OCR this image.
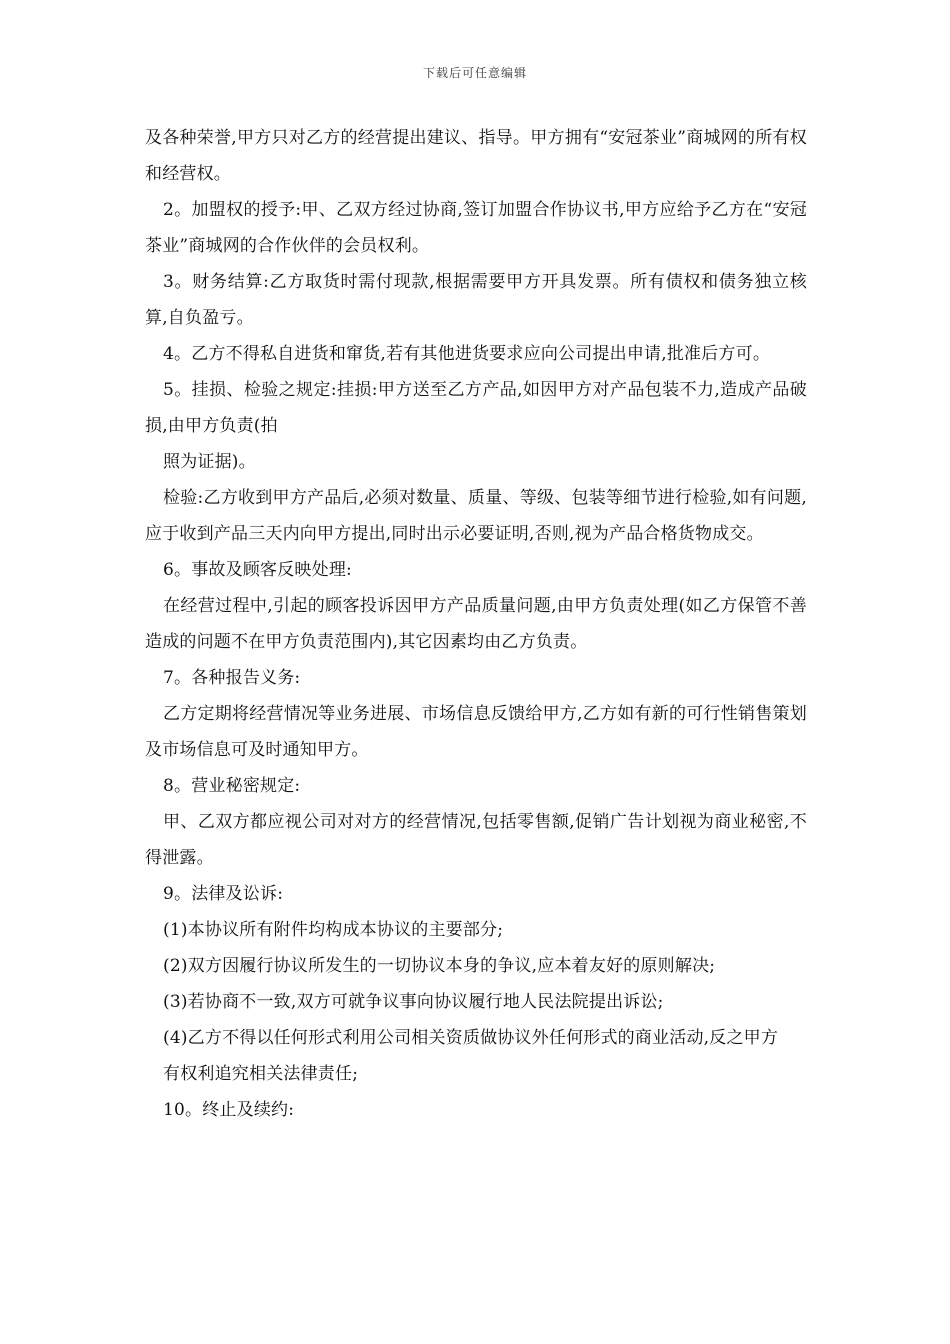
下载后可任意编辑

及各种荣誉,甲方只对乙方的经营提出建议、指导。甲方拥有“安冠茶业”商城网的所有权和经营权。

2。加盟权的授予:甲、乙双方经过协商,签订加盟合作协议书,甲方应给予乙方在“安冠茶业”商城网的合作伙伴的会员权利。

3。财务结算:乙方取货时需付现款,根据需要甲方开具发票。所有债权和债务独立核算,自负盈亏。

4。乙方不得私自进货和窜货,若有其他进货要求应向公司提出申请,批准后方可。

5。挂损、检验之规定:挂损:甲方送至乙方产品,如因甲方对产品包装不力,造成产品破损,由甲方负责(拍

照为证据)。

检验:乙方收到甲方产品后,必须对数量、质量、等级、包装等细节进行检验,如有问题,应于收到产品三天内向甲方提出,同时出示必要证明,否则,视为产品合格货物成交。

6。事故及顾客反映处理:

在经营过程中,引起的顾客投诉因甲方产品质量问题,由甲方负责处理(如乙方保管不善造成的问题不在甲方负责范围内),其它因素均由乙方负责。

7。各种报告义务:

乙方定期将经营情况等业务进展、市场信息反馈给甲方,乙方如有新的可行性销售策划及市场信息可及时通知甲方。

8。营业秘密规定:

甲、乙双方都应视公司对对方的经营情况,包括零售额,促销广告计划视为商业秘密,不得泄露。

9。法律及讼诉:

(1)本协议所有附件均构成本协议的主要部分;

(2)双方因履行协议所发生的一切协议本身的争议,应本着友好的原则解决;

(3)若协商不一致,双方可就争议事向协议履行地人民法院提出诉讼;

(4)乙方不得以任何形式利用公司相关资质做协议外任何形式的商业活动,反之甲方

有权利追究相关法律责任;

10。终止及续约:
